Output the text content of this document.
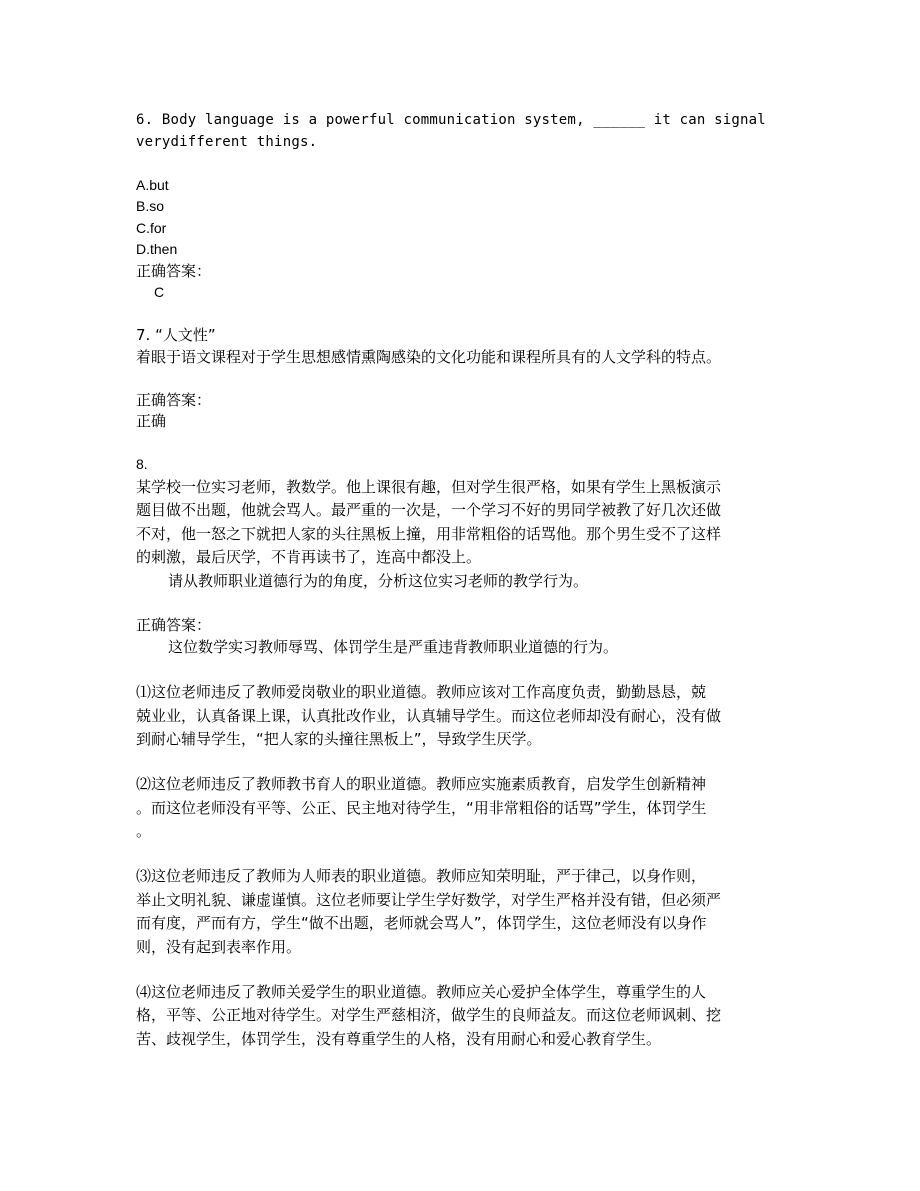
6. Body language is a powerful communication system, ______ it can signal
verydifferent things.
A.but
B.so
C.for
D.then
正确答案：
C
7. “人文性”
着眼于语文课程对于学生思想感情熏陶感染的文化功能和课程所具有的人文学科的特点。
正确答案：
正确
8.
某学校一位实习老师，教数学。他上课很有趣，但对学生很严格，如果有学生上黑板演示
题目做不出题，他就会骂人。最严重的一次是，一个学习不好的男同学被教了好几次还做
不对，他一怒之下就把人家的头往黑板上撞，用非常粗俗的话骂他。那个男生受不了这样
的刺激，最后厌学，不肯再读书了，连高中都没上。
请从教师职业道德行为的角度，分析这位实习老师的教学行为。
正确答案：
这位数学实习教师辱骂、体罚学生是严重违背教师职业道德的行为。
⑴这位老师违反了教师爱岗敬业的职业道德。教师应该对工作高度负责，勤勤恳恳，兢
兢业业，认真备课上课，认真批改作业，认真辅导学生。而这位老师却没有耐心，没有做
到耐心辅导学生，“把人家的头撞往黑板上”，导致学生厌学。
⑵这位老师违反了教师教书育人的职业道德。教师应实施素质教育，启发学生创新精神
。而这位老师没有平等、公正、民主地对待学生，“用非常粗俗的话骂”学生，体罚学生
。
⑶这位老师违反了教师为人师表的职业道德。教师应知荣明耻，严于律己，以身作则，
举止文明礼貌、谦虚谨慎。这位老师要让学生学好数学，对学生严格并没有错，但必须严
而有度，严而有方，学生“做不出题，老师就会骂人”，体罚学生，这位老师没有以身作
则，没有起到表率作用。
⑷这位老师违反了教师关爱学生的职业道德。教师应关心爱护全体学生，尊重学生的人
格，平等、公正地对待学生。对学生严慈相济，做学生的良师益友。而这位老师讽刺、挖
苦、歧视学生，体罚学生，没有尊重学生的人格，没有用耐心和爱心教育学生。
